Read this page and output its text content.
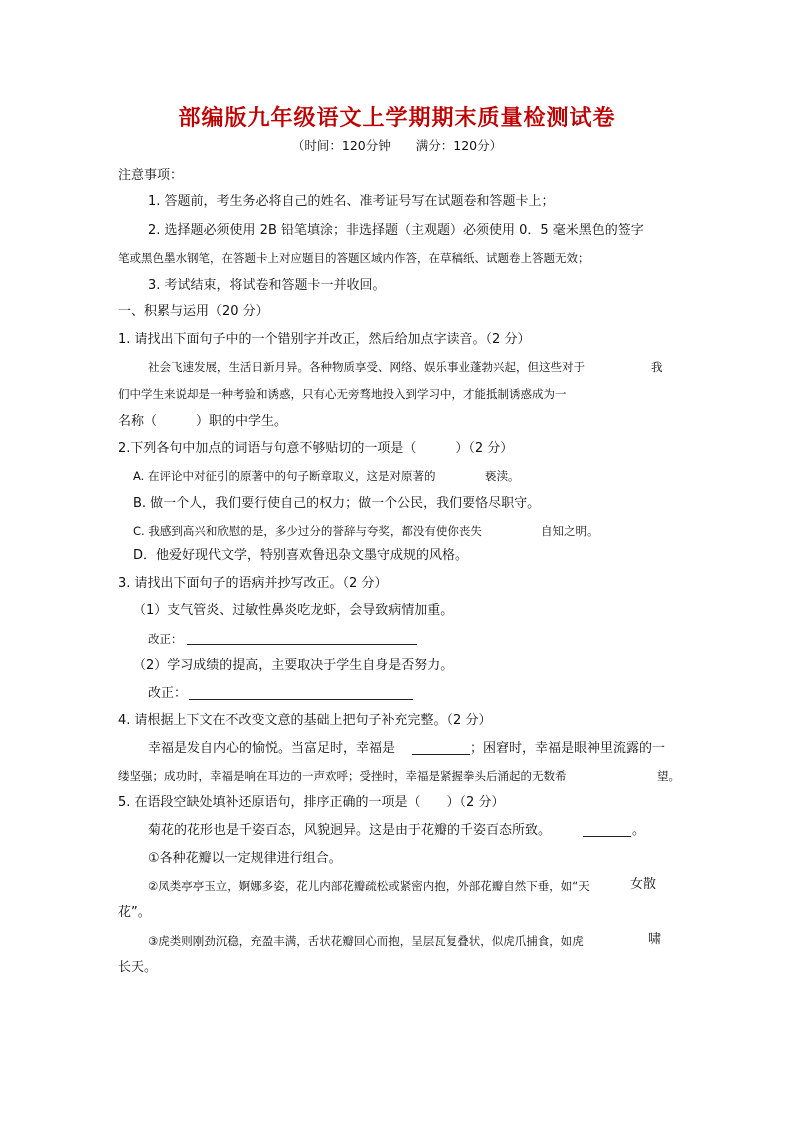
部编版九年级语文上学期期末质量检测试卷
（时间：120分钟　　满分：120分）
注意事项：
1. 答题前，考生务必将自己的姓名、准考证号写在试题卷和答题卡上；
2. 选择题必须使用 2B 铅笔填涂；非选择题（主观题）必须使用 0．5 毫米黑色的签字
笔或黑色墨水钢笔，在答题卡上对应题目的答题区域内作答，在草稿纸、试题卷上答题无效；
3. 考试结束，将试卷和答题卡一并收回。
一、积累与运用（20 分）
1. 请找出下面句子中的一个错别字并改正，然后给加点字读音。（2 分）
社会飞速发展，生活日新月异。各种物质享受、网络、娱乐事业蓬勃兴起，但这些对于	我
们中学生来说却是一种考验和诱惑，只有心无旁骛地投入到学习中，才能抵制诱惑成为一
名称（　　　）职的中学生。
2.下列各句中加点的词语与句意不够贴切的一项是（　　　）（2 分）
A. 在评论中对征引的原著中的句子断章取义，这是对原著的	亵渎。
B. 做一个人，我们要行使自己的权力；做一个公民，我们要恪尽职守。
C. 我感到高兴和欣慰的是，多少过分的誉辞与夸奖，都没有使你丧失	自知之明。
D．他爱好现代文学，特别喜欢鲁迅杂文墨守成规的风格。
3. 请找出下面句子的语病并抄写改正。（2 分）
（1）支气管炎、过敏性鼻炎吃龙虾，会导致病情加重。
改正：
（2）学习成绩的提高，主要取决于学生自身是否努力。
改正：
4. 请根据上下文在不改变文意的基础上把句子补充完整。（2 分）
幸福是发自内心的愉悦。当富足时，幸福是	；困窘时，幸福是眼神里流露的一
缕坚强；成功时，幸福是响在耳边的一声欢呼；受挫时，幸福是紧握拳头后涌起的无数希	望。
5. 在语段空缺处填补还原语句，排序正确的一项是（　　）（2 分）
菊花的花形也是千姿百态，风貌迥异。这是由于花瓣的千姿百态所致。	。
①各种花瓣以一定规律进行组合。
②凤类亭亭玉立，婀娜多姿，花儿内部花瓣疏松或紧密内抱，外部花瓣自然下垂，如“天	女散
花”。
③虎类则刚劲沉稳，充盈丰满，舌状花瓣回心而抱，呈层瓦复叠状，似虎爪捕食，如虎	啸
长天。
